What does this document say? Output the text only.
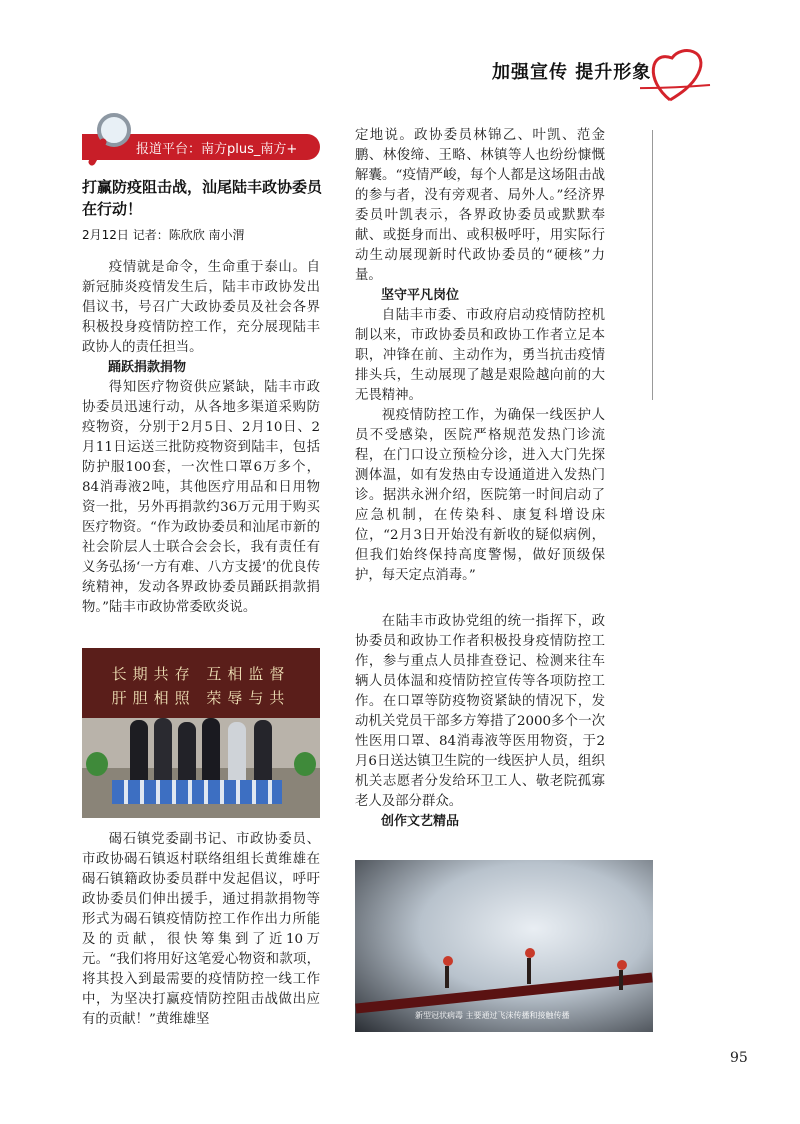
加强宣传 提升形象
报道平台：南方plus_南方+
打赢防疫阻击战，汕尾陆丰政协委员在行动！
2月12日 记者：陈欣欣 南小渭

疫情就是命令，生命重于泰山。自新冠肺炎疫情发生后，陆丰市政协发出倡议书，号召广大政协委员及社会各界积极投身疫情防控工作，充分展现陆丰政协人的责任担当。

踊跃捐款捐物

得知医疗物资供应紧缺，陆丰市政协委员迅速行动，从各地多渠道采购防疫物资，分别于2月5日、2月10日、2月11日运送三批防疫物资到陆丰，包括防护服100套，一次性口罩6万多个，84消毒液2吨，其他医疗用品和日用物资一批，另外再捐款约36万元用于购买医疗物资。“作为政协委员和汕尾市新的社会阶层人士联合会会长，我有责任有义务弘扬‘一方有难、八方支援’的优良传统精神，发动各界政协委员踊跃捐款捐物。”陆丰市政协常委欧炎说。

长期共存 互相监督
肝胆相照 荣辱与共

碣石镇党委副书记、市政协委员、市政协碣石镇返村联络组组长黄维雄在碣石镇籍政协委员群中发起倡议，呼吁政协委员们伸出援手，通过捐款捐物等形式为碣石镇疫情防控工作作出力所能及的贡献，很快筹集到了近10万元。“我们将用好这笔爱心物资和款项，将其投入到最需要的疫情防控一线工作中，为坚决打赢疫情防控阻击战做出应有的贡献！”黄维雄坚

定地说。政协委员林锦乙、叶凯、范金鹏、林俊缔、王略、林镇等人也纷纷慷慨解囊。“疫情严峻，每个人都是这场阻击战的参与者，没有旁观者、局外人。”经济界委员叶凯表示，各界政协委员或默默奉献、或挺身而出、或积极呼吁，用实际行动生动展现新时代政协委员的“硬核”力量。

坚守平凡岗位

自陆丰市委、市政府启动疫情防控机制以来，市政协委员和政协工作者立足本职，冲锋在前、主动作为，勇当抗击疫情排头兵，生动展现了越是艰险越向前的大无畏精神。

视疫情防控工作，为确保一线医护人员不受感染，医院严格规范发热门诊流程，在门口设立预检分诊，进入大门先探测体温，如有发热由专设通道进入发热门诊。据洪永洲介绍，医院第一时间启动了应急机制，在传染科、康复科增设床位，“2月3日开始没有新收的疑似病例，但我们始终保持高度警惕，做好顶级保护，每天定点消毒。”

在陆丰市政协党组的统一指挥下，政协委员和政协工作者积极投身疫情防控工作，参与重点人员排查登记、检测来往车辆人员体温和疫情防控宣传等各项防控工作。在口罩等防疫物资紧缺的情况下，发动机关党员干部多方筹措了2000多个一次性医用口罩、84消毒液等医用物资，于2月6日送达镇卫生院的一线医护人员，组织机关志愿者分发给环卫工人、敬老院孤寡老人及部分群众。

创作文艺精品
新型冠状病毒 主要通过飞沫传播和接触传播
95
